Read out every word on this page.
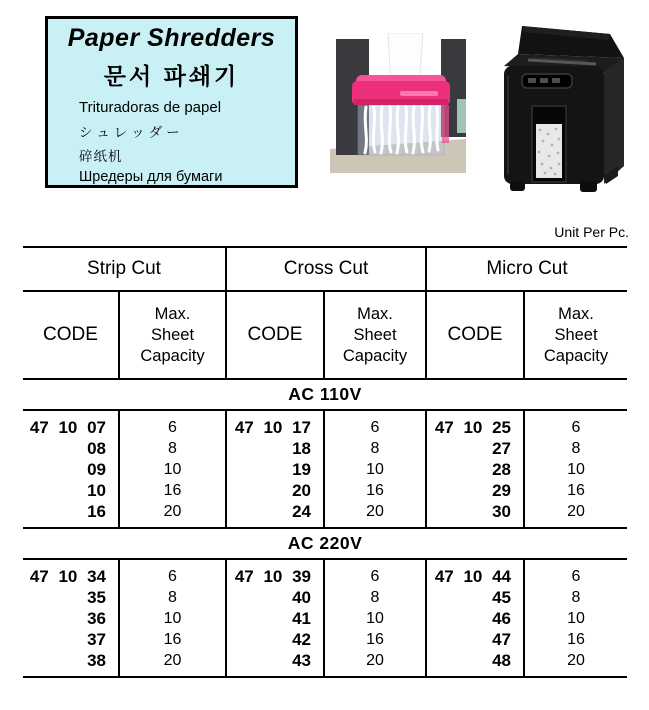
Paper Shredders
문서 파쇄기
Trituradoras de papel
シュレッダー
碎纸机
Шредеры для бумаги
Unit Per Pc.
Strip Cut	Cross Cut	Micro Cut
CODE
Max.
Sheet
Capacity
CODE
Max.
Sheet
Capacity
CODE
Max.
Sheet
Capacity
AC 110V
47 10 07
08
09
10
16
6
8
10
16
20
47 10 17
18
19
20
24
6
8
10
16
20
47 10 25
27
28
29
30
6
8
10
16
20
AC 220V
47 10 34
35
36
37
38
6
8
10
16
20
47 10 39
40
41
42
43
6
8
10
16
20
47 10 44
45
46
47
48
6
8
10
16
20
